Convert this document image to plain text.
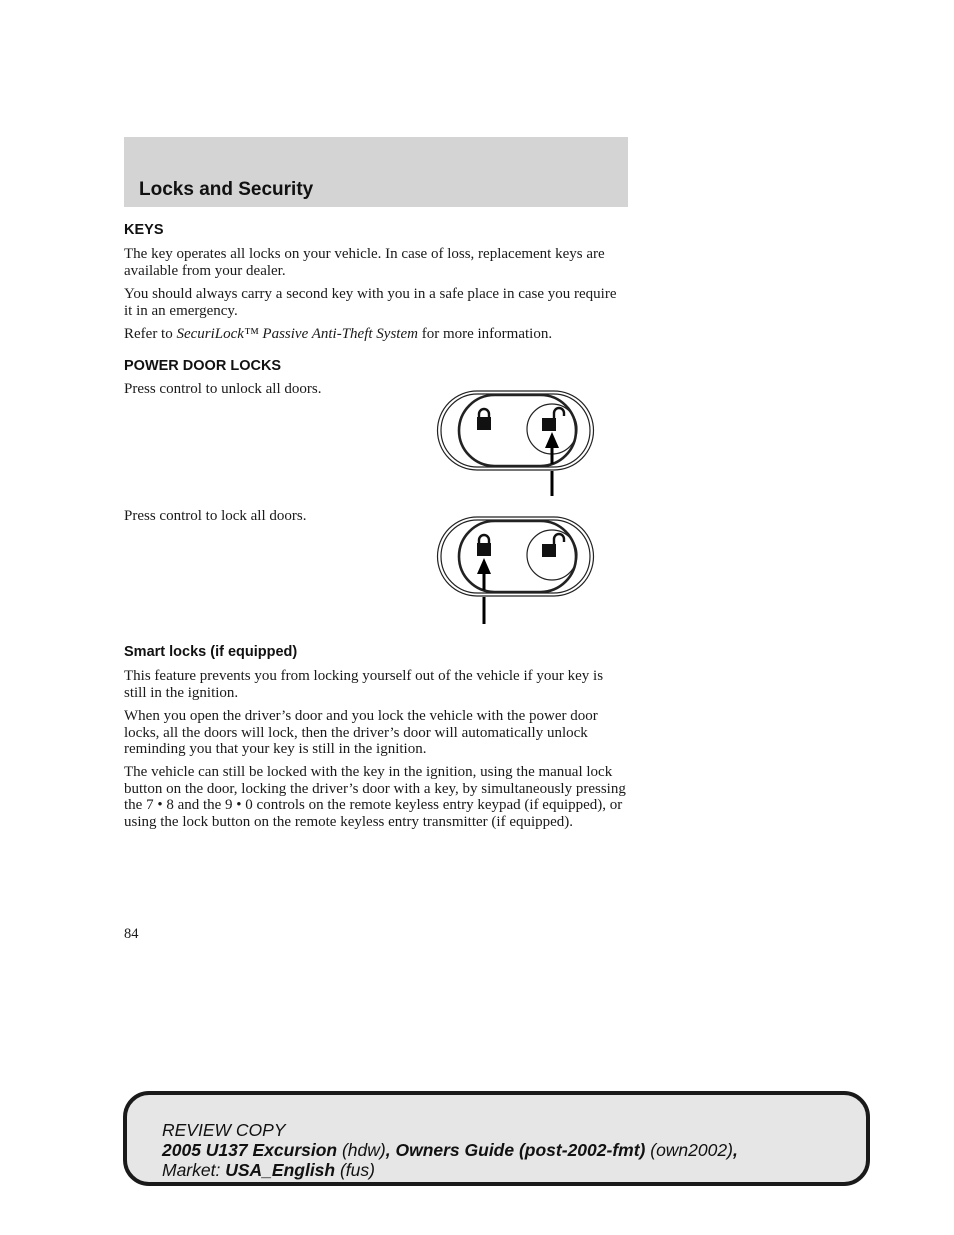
Locks and Security
KEYS
The key operates all locks on your vehicle. In case of loss, replacement keys are available from your dealer.
You should always carry a second key with you in a safe place in case you require it in an emergency.
Refer to SecuriLock™ Passive Anti-Theft System for more information.
POWER DOOR LOCKS
Press control to unlock all doors.
Press control to lock all doors.
Smart locks (if equipped)
This feature prevents you from locking yourself out of the vehicle if your key is still in the ignition.
When you open the driver’s door and you lock the vehicle with the power door locks, all the doors will lock, then the driver’s door will automatically unlock reminding you that your key is still in the ignition.
The vehicle can still be locked with the key in the ignition, using the manual lock button on the door, locking the driver’s door with a key, by simultaneously pressing the 7 • 8 and the 9 • 0 controls on the remote keyless entry keypad (if equipped), or using the lock button on the remote keyless entry transmitter (if equipped).
84
REVIEW COPY
2005 U137 Excursion (hdw), Owners Guide (post-2002-fmt) (own2002),
Market: USA_English (fus)
